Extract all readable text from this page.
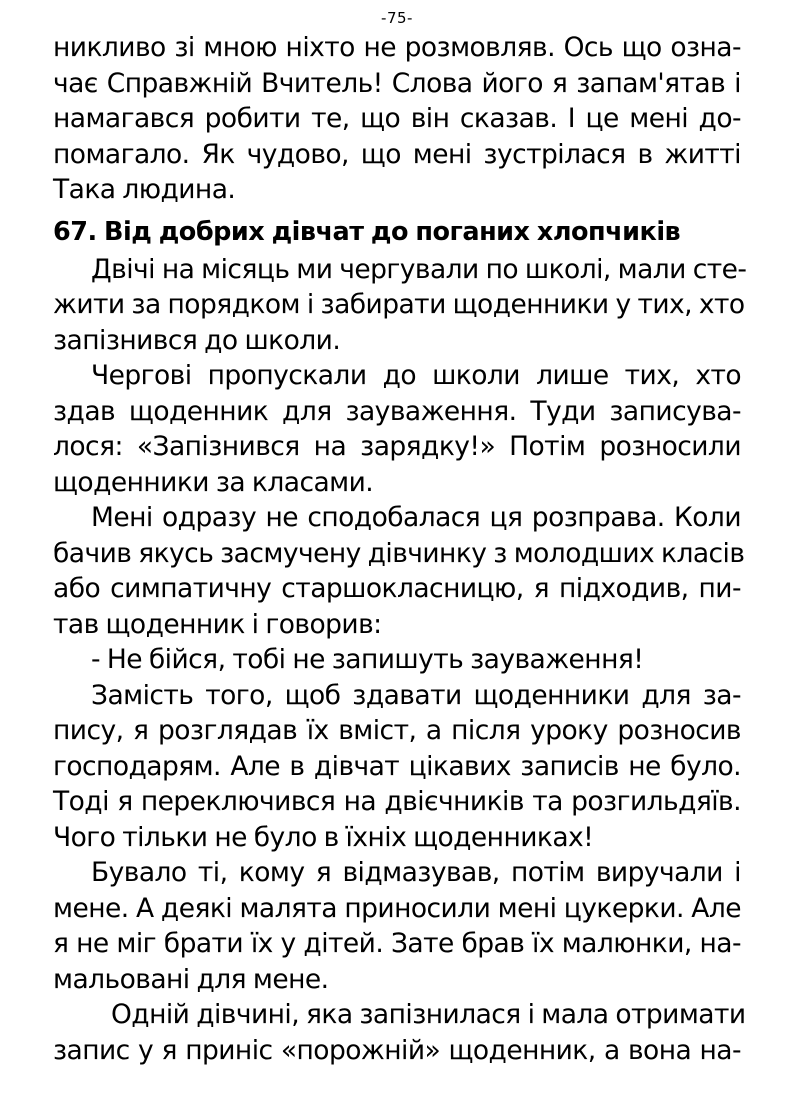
-75-
никливо зі мною ніхто не розмовляв. Ось що озна-
чає Справжній Вчитель! Слова його я запам'ятав і
намагався робити те, що він сказав. І це мені до-
помагало. Як чудово, що мені зустрілася в житті
Така людина.
67. Від добрих дівчат до поганих хлопчиків
Двічі на місяць ми чергували по школі, мали сте-
жити за порядком і забирати щоденники у тих, хто
запізнився до школи.
Чергові пропускали до школи лише тих, хто
здав щоденник для зауваження. Туди записува-
лося: «Запізнився на зарядку!» Потім розносили
щоденники за класами.
Мені одразу не сподобалася ця розправа. Коли
бачив якусь засмучену дівчинку з молодших класів
або симпатичну старшокласницю, я підходив, пи-
тав щоденник і говорив:
- Не бійся, тобі не запишуть зауваження!
Замість того, щоб здавати щоденники для за-
пису, я розглядав їх вміст, а після уроку розносив
господарям. Але в дівчат цікавих записів не було.
Тоді я переключився на двієчників та розгильдяїв.
Чого тільки не було в їхніх щоденниках!
Бувало ті, кому я відмазував, потім виручали і
мене. А деякі малята приносили мені цукерки. Але
я не міг брати їх у дітей. Зате брав їх малюнки, на-
мальовані для мене.
Одній дівчині, яка запізнилася і мала отримати
запис у я приніс «порожній» щоденник, а вона на-
